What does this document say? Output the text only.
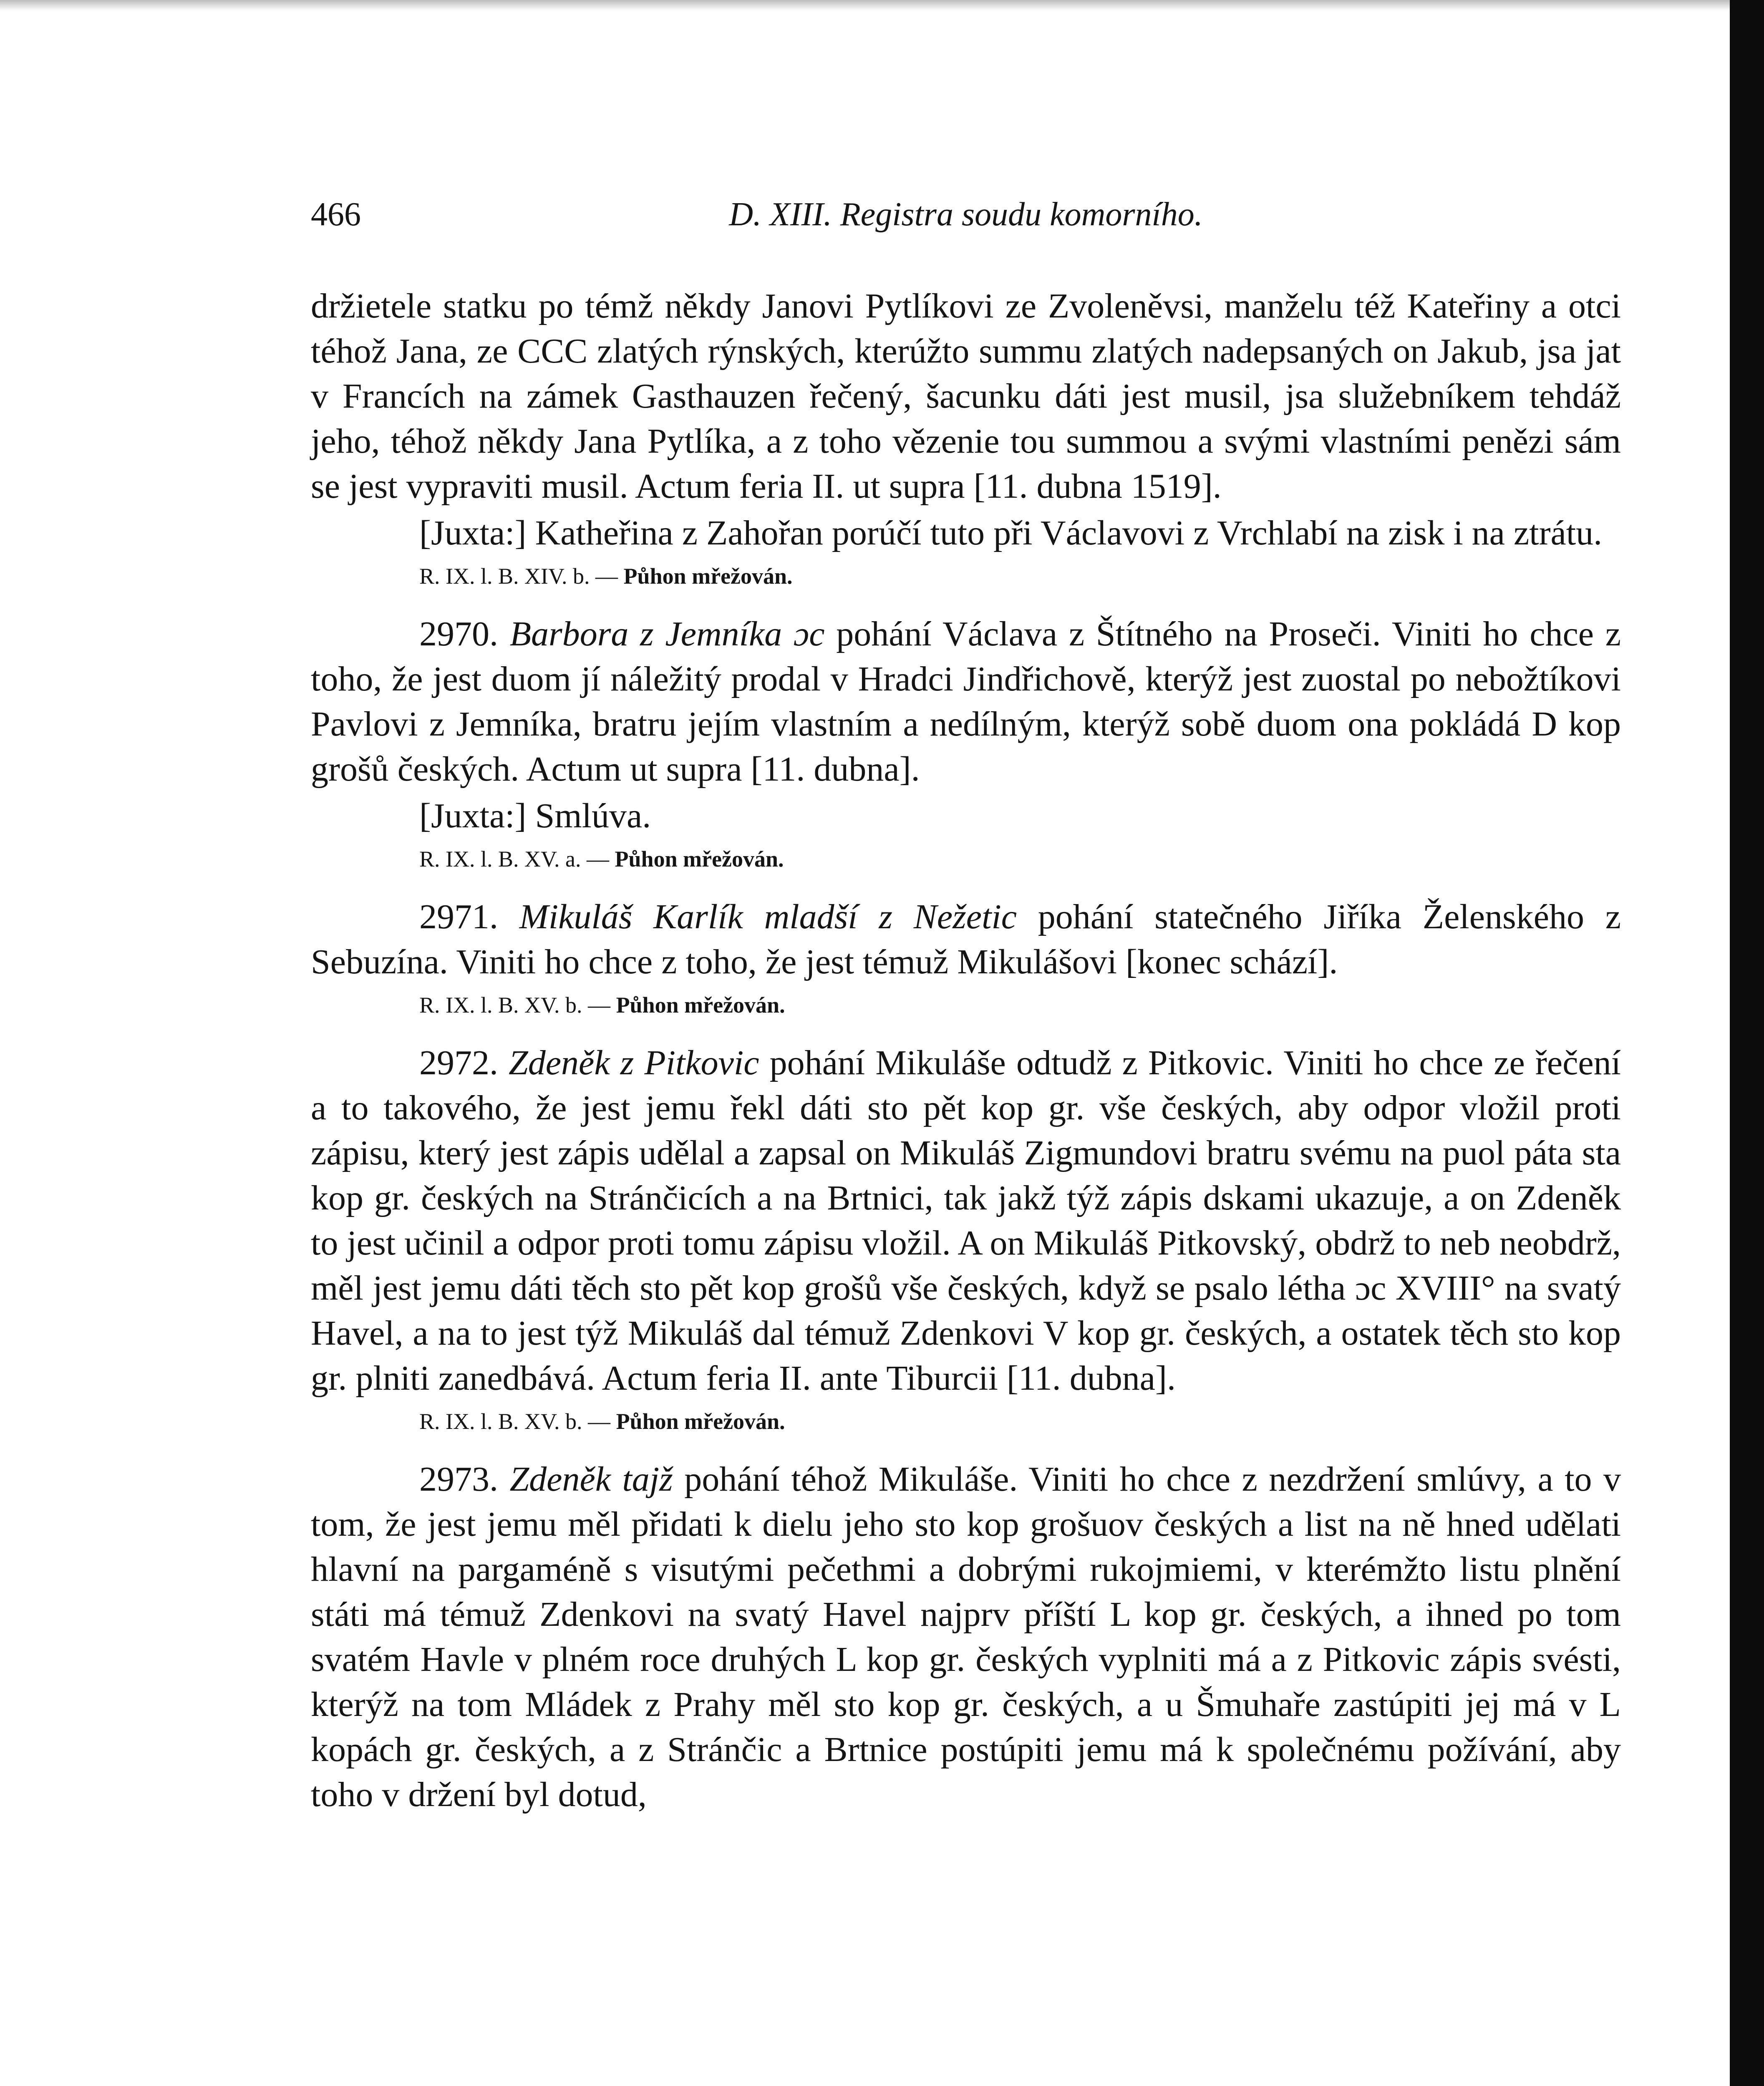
466	D. XIII. Registra soudu komorního.

držietele statku po témž někdy Janovi Pytlíkovi ze Zvoleněvsi, manželu též Kateřiny a otci téhož Jana, ze CCC zlatých rýnských, kterúžto summu zlatých nadepsaných on Jakub, jsa jat v Francích na zámek Gasthauzen řečený, šacunku dáti jest musil, jsa služebníkem tehdáž jeho, téhož někdy Jana Pytlíka, a z toho vězenie tou summou a svými vlastními penězi sám se jest vypraviti musil. Actum feria II. ut supra [11. dubna 1519].

[Juxta:] Katheřina z Zahořan porúčí tuto při Václavovi z Vrchlabí na zisk i na ztrátu.

R. IX. l. B. XIV. b. — Půhon mřežován.

2970. Barbora z Jemníka ɔc pohání Václava z Štítného na Proseči. Viniti ho chce z toho, že jest duom jí náležitý prodal v Hradci Jindřichově, kterýž jest zuostal po nebožtíkovi Pavlovi z Jemníka, bratru jejím vlastním a nedílným, kterýž sobě duom ona pokládá D kop grošů českých. Actum ut supra [11. dubna].

[Juxta:] Smlúva.

R. IX. l. B. XV. a. — Půhon mřežován.

2971. Mikuláš Karlík mladší z Nežetic pohání statečného Jiříka Želenského z Sebuzína. Viniti ho chce z toho, že jest témuž Mikulášovi [konec schází].

R. IX. l. B. XV. b. — Půhon mřežován.

2972. Zdeněk z Pitkovic pohání Mikuláše odtudž z Pitkovic. Viniti ho chce ze řečení a to takového, že jest jemu řekl dáti sto pět kop gr. vše českých, aby odpor vložil proti zápisu, který jest zápis udělal a zapsal on Mikuláš Zigmundovi bratru svému na puol páta sta kop gr. českých na Stránčicích a na Brtnici, tak jakž týž zápis dskami ukazuje, a on Zdeněk to jest učinil a odpor proti tomu zápisu vložil. A on Mikuláš Pitkovský, obdrž to neb neobdrž, měl jest jemu dáti těch sto pět kop grošů vše českých, když se psalo létha ɔc XVIII° na svatý Havel, a na to jest týž Mikuláš dal témuž Zdenkovi V kop gr. českých, a ostatek těch sto kop gr. plniti zanedbává. Actum feria II. ante Tiburcii [11. dubna].

R. IX. l. B. XV. b. — Půhon mřežován.

2973. Zdeněk tajž pohání téhož Mikuláše. Viniti ho chce z nezdržení smlúvy, a to v tom, že jest jemu měl přidati k dielu jeho sto kop grošuov českých a list na ně hned udělati hlavní na pargaméně s visutými pečethmi a dobrými rukojmiemi, v kterémžto listu plnění státi má témuž Zdenkovi na svatý Havel najprv příští L kop gr. českých, a ihned po tom svatém Havle v plném roce druhých L kop gr. českých vyplniti má a z Pitkovic zápis svésti, kterýž na tom Mládek z Prahy měl sto kop gr. českých, a u Šmuhaře zastúpiti jej má v L kopách gr. českých, a z Stránčic a Brtnice postúpiti jemu má k společnému požívání, aby toho v držení byl dotud,
